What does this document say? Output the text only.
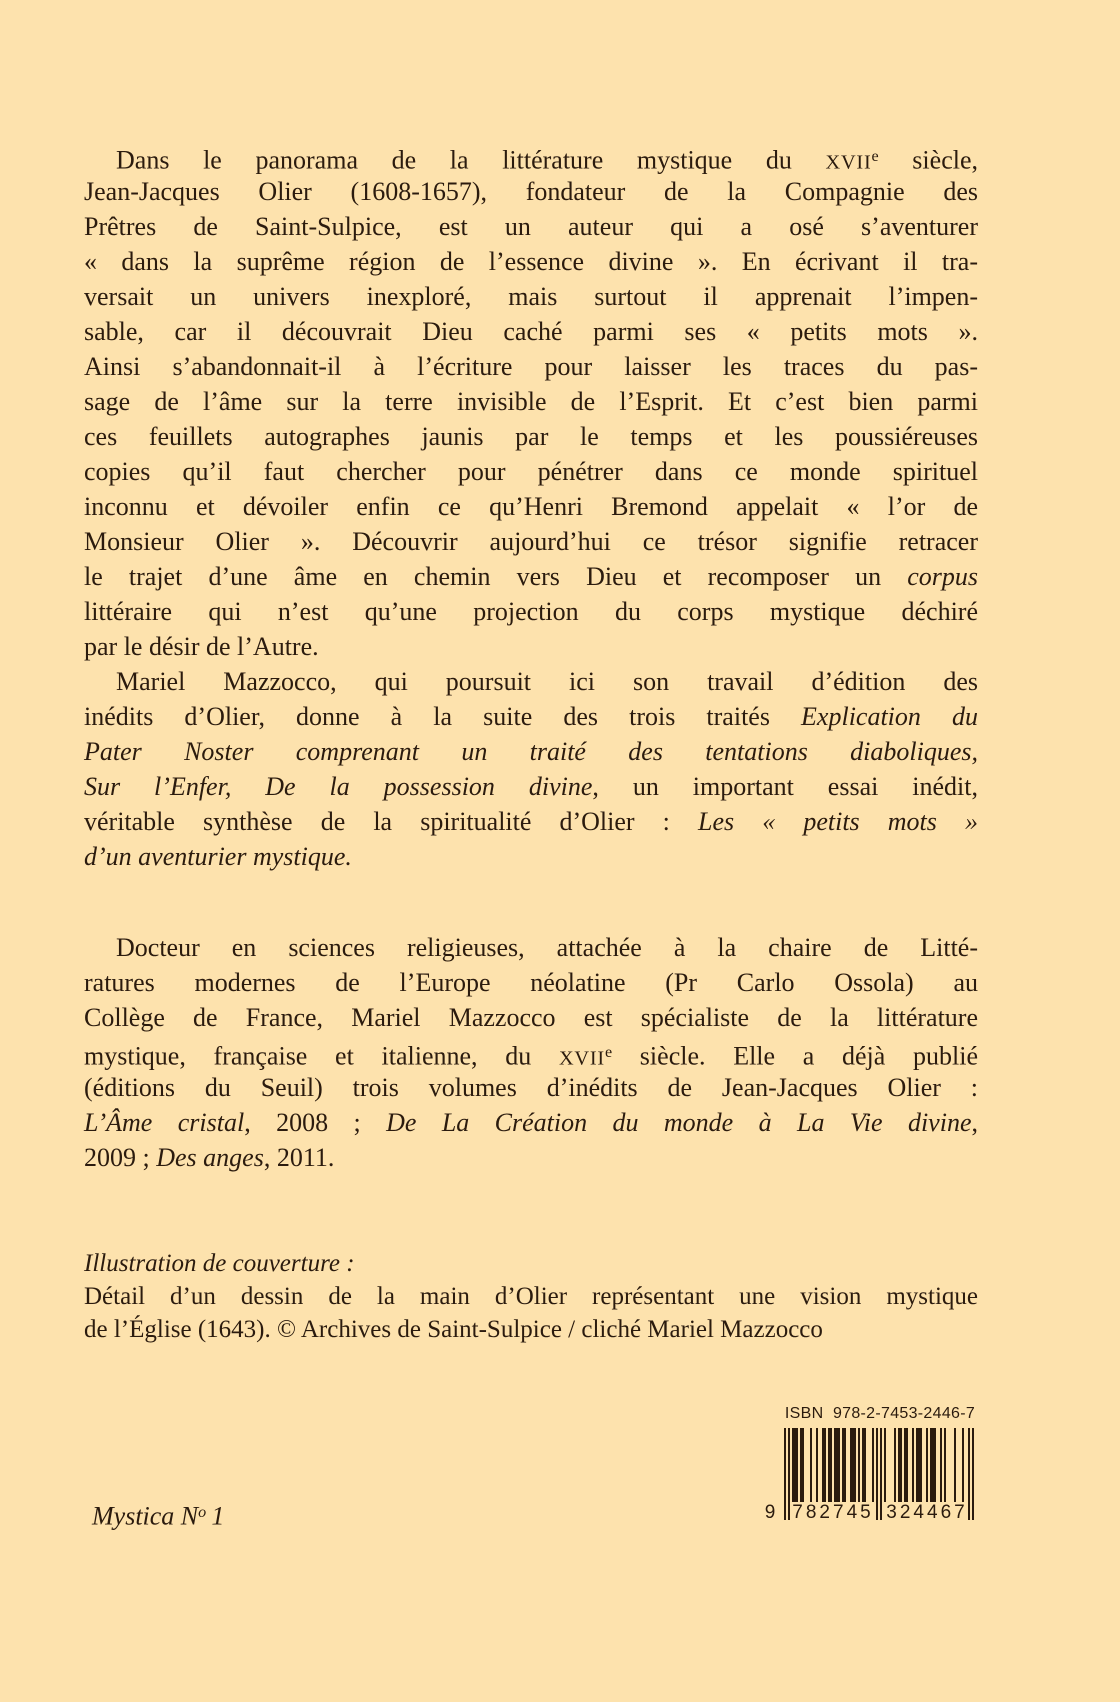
Dans le panorama de la littérature mystique du XVIIe siècle,
Jean-Jacques Olier (1608-1657), fondateur de la Compagnie des
Prêtres de Saint-Sulpice, est un auteur qui a osé s’aventurer
« dans la suprême région de l’essence divine ». En écrivant il tra-
versait un univers inexploré, mais surtout il apprenait l’impen-
sable, car il découvrait Dieu caché parmi ses « petits mots ».
Ainsi s’abandonnait-il à l’écriture pour laisser les traces du pas-
sage de l’âme sur la terre invisible de l’Esprit. Et c’est bien parmi
ces feuillets autographes jaunis par le temps et les poussiéreuses
copies qu’il faut chercher pour pénétrer dans ce monde spirituel
inconnu et dévoiler enfin ce qu’Henri Bremond appelait « l’or de
Monsieur Olier ». Découvrir aujourd’hui ce trésor signifie retracer
le trajet d’une âme en chemin vers Dieu et recomposer un corpus
littéraire qui n’est qu’une projection du corps mystique déchiré
par le désir de l’Autre.
Mariel Mazzocco, qui poursuit ici son travail d’édition des
inédits d’Olier, donne à la suite des trois traités Explication du
Pater Noster comprenant un traité des tentations diaboliques,
Sur l’Enfer, De la possession divine, un important essai inédit,
véritable synthèse de la spiritualité d’Olier : Les « petits mots »
d’un aventurier mystique.
Docteur en sciences religieuses, attachée à la chaire de Litté-
ratures modernes de l’Europe néolatine (Pr Carlo Ossola) au
Collège de France, Mariel Mazzocco est spécialiste de la littérature
mystique, française et italienne, du XVIIe siècle. Elle a déjà publié
(éditions du Seuil) trois volumes d’inédits de Jean-Jacques Olier :
L’Âme cristal, 2008 ; De La Création du monde à La Vie divine,
2009 ; Des anges, 2011.
Illustration de couverture :
Détail d’un dessin de la main d’Olier représentant une vision mystique
de l’Église (1643). © Archives de Saint-Sulpice / cliché Mariel Mazzocco
Mystica $N^o$ 1
ISBN  978-2-7453-2446-7
9 782745 324467
